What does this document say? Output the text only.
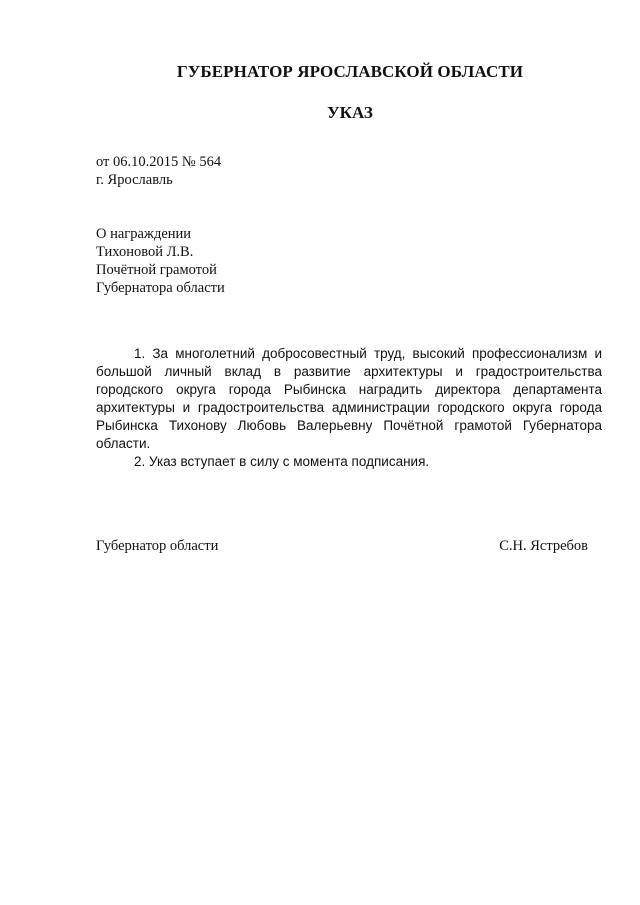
ГУБЕРНАТОР ЯРОСЛАВСКОЙ ОБЛАСТИ
УКАЗ
от 06.10.2015 № 564
г. Ярославль
О награждении
Тихоновой Л.В.
Почётной грамотой
Губернатора области

1. За многолетний добросовестный труд, высокий профессионализм и большой личный вклад в развитие архитектуры и градостроительства городского округа города Рыбинска наградить директора департамента архитектуры и градостроительства администрации городского округа города Рыбинска Тихонову Любовь Валерьевну Почётной грамотой Губернатора области.

2. Указ вступает в силу с момента подписания.

Губернатор области	С.Н. Ястребов
